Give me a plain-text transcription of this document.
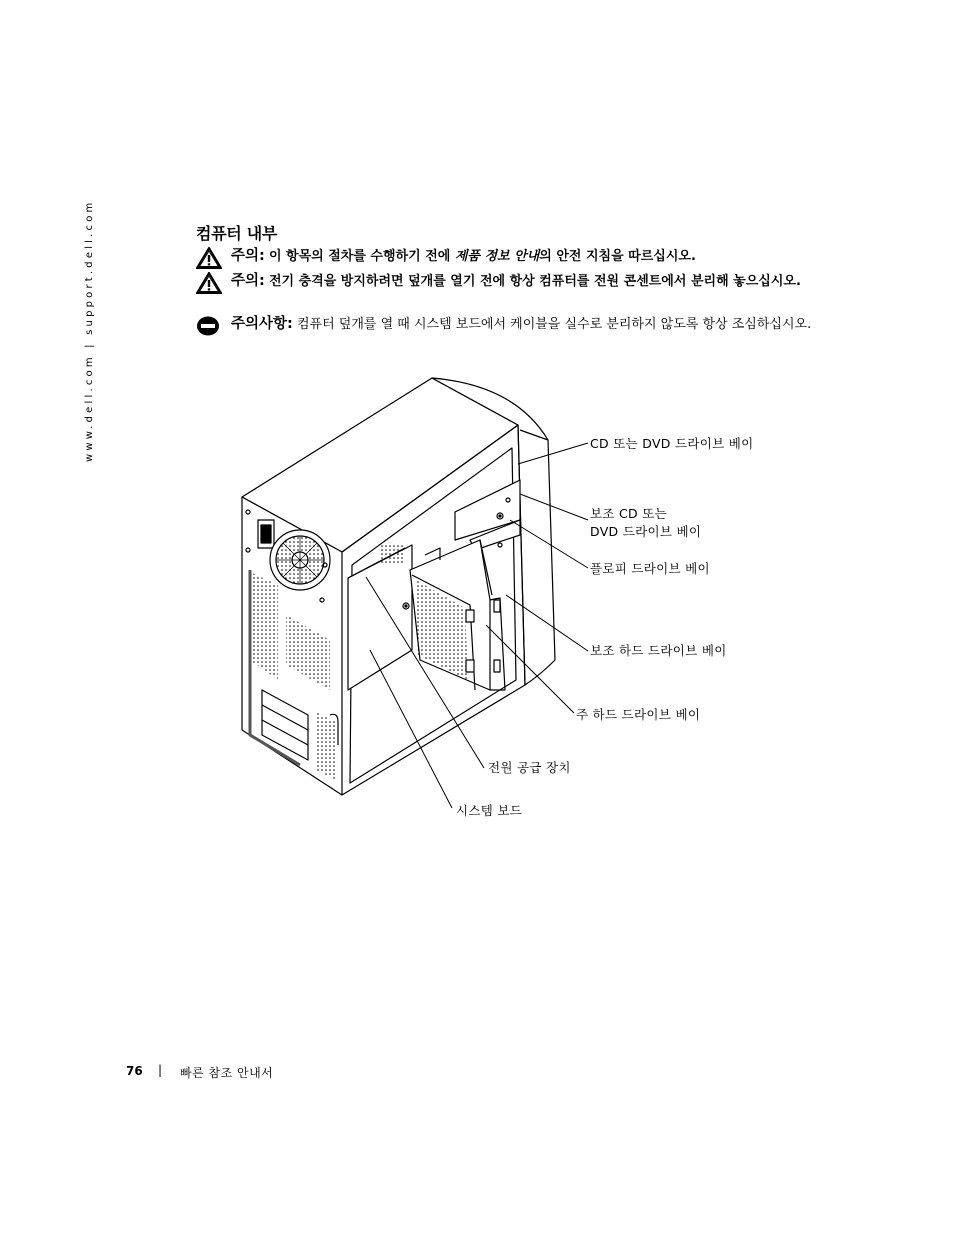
www.dell.com | support.dell.com	컴퓨터 내부
주의: 이 항목의 절차를 수행하기 전에 제품 정보 안내의 안전 지침을 따르십시오.
주의: 전기 충격을 방지하려면 덮개를 열기 전에 항상 컴퓨터를 전원 콘센트에서 분리해 놓으십시오.
주의사항: 컴퓨터 덮개를 열 때 시스템 보드에서 케이블을 실수로 분리하지 않도록 항상 조심하십시오.
CD 또는 DVD 드라이브 베이
보조 CD 또는
DVD 드라이브 베이
플로피 드라이브 베이
보조 하드 드라이브 베이
주 하드 드라이브 베이
전원 공급 장치
시스템 보드
76 | 빠른 참조 안내서
